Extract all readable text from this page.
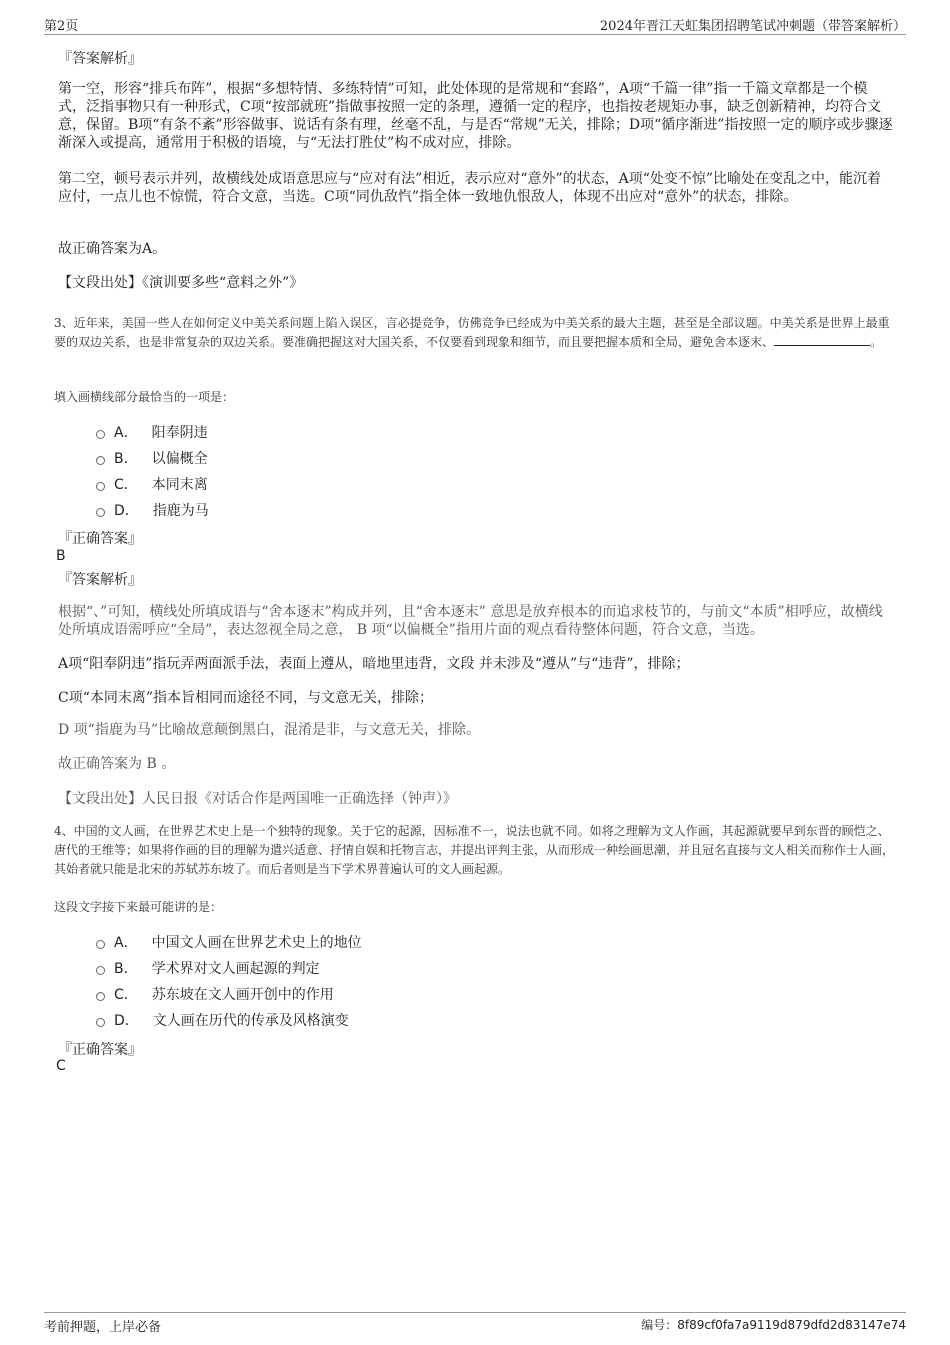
第2页	2024年晋江天虹集团招聘笔试冲刺题（带答案解析）

『答案解析』

第一空，形容“排兵布阵”，根据“多想特情、多练特情”可知，此处体现的是常规和“套路”，A项“千篇一律”指一千篇文章都是一个模式，泛指事物只有一种形式，C项“按部就班”指做事按照一定的条理，遵循一定的程序，也指按老规矩办事，缺乏创新精神，均符合文意，保留。B项“有条不紊”形容做事、说话有条有理，丝毫不乱，与是否“常规”无关，排除；D项“循序渐进”指按照一定的顺序或步骤逐渐深入或提高，通常用于积极的语境，与“无法打胜仗”构不成对应，排除。

第二空，顿号表示并列，故横线处成语意思应与“应对有法”相近，表示应对“意外”的状态，A项“处变不惊”比喻处在变乱之中，能沉着应付，一点儿也不惊慌，符合文意，当选。C项“同仇敌忾”指全体一致地仇恨敌人，体现不出应对“意外”的状态，排除。

故正确答案为A。

【文段出处】《演训要多些“意料之外”》

3、近年来，美国一些人在如何定义中美关系问题上陷入误区，言必提竞争，仿佛竞争已经成为中美关系的最大主题，甚至是全部议题。中美关系是世界上最重要的双边关系，也是非常复杂的双边关系。要准确把握这对大国关系，不仅要看到现象和细节，而且要把握本质和全局，避免舍本逐末、	。

填入画横线部分最恰当的一项是：

A． 阳奉阴违
B． 以偏概全
C． 本同末离
D． 指鹿为马

『正确答案』

B

『答案解析』

根据“、”可知，横线处所填成语与“舍本逐末”构成并列，且“舍本逐末” 意思是放弃根本的而追求枝节的，与前文“本质”相呼应，故横线处所填成语需呼应“全局”，表达忽视全局之意， B 项“以偏概全”指用片面的观点看待整体问题，符合文意，当选。

A项“阳奉阴违”指玩弄两面派手法，表面上遵从，暗地里违背，文段 并未涉及“遵从”与“违背”，排除；

C项“本同末离”指本旨相同而途径不同，与文意无关，排除；

D 项“指鹿为马”比喻故意颠倒黑白，混淆是非，与文意无关，排除。

故正确答案为 B 。

【文段出处】人民日报《对话合作是两国唯一正确选择（钟声）》

4、中国的文人画，在世界艺术史上是一个独特的现象。关于它的起源，因标准不一，说法也就不同。如将之理解为文人作画，其起源就要早到东晋的顾恺之、唐代的王维等；如果将作画的目的理解为遣兴适意、抒情自娱和托物言志，并提出评判主张，从而形成一种绘画思潮，并且冠名直接与文人相关而称作士人画，其始者就只能是北宋的苏轼苏东坡了。而后者则是当下学术界普遍认可的文人画起源。

这段文字接下来最可能讲的是：

A． 中国文人画在世界艺术史上的地位
B． 学术界对文人画起源的判定
C． 苏东坡在文人画开创中的作用
D． 文人画在历代的传承及风格演变

『正确答案』

C

考前押题，上岸必备	编号：8f89cf0fa7a9119d879dfd2d83147e74
